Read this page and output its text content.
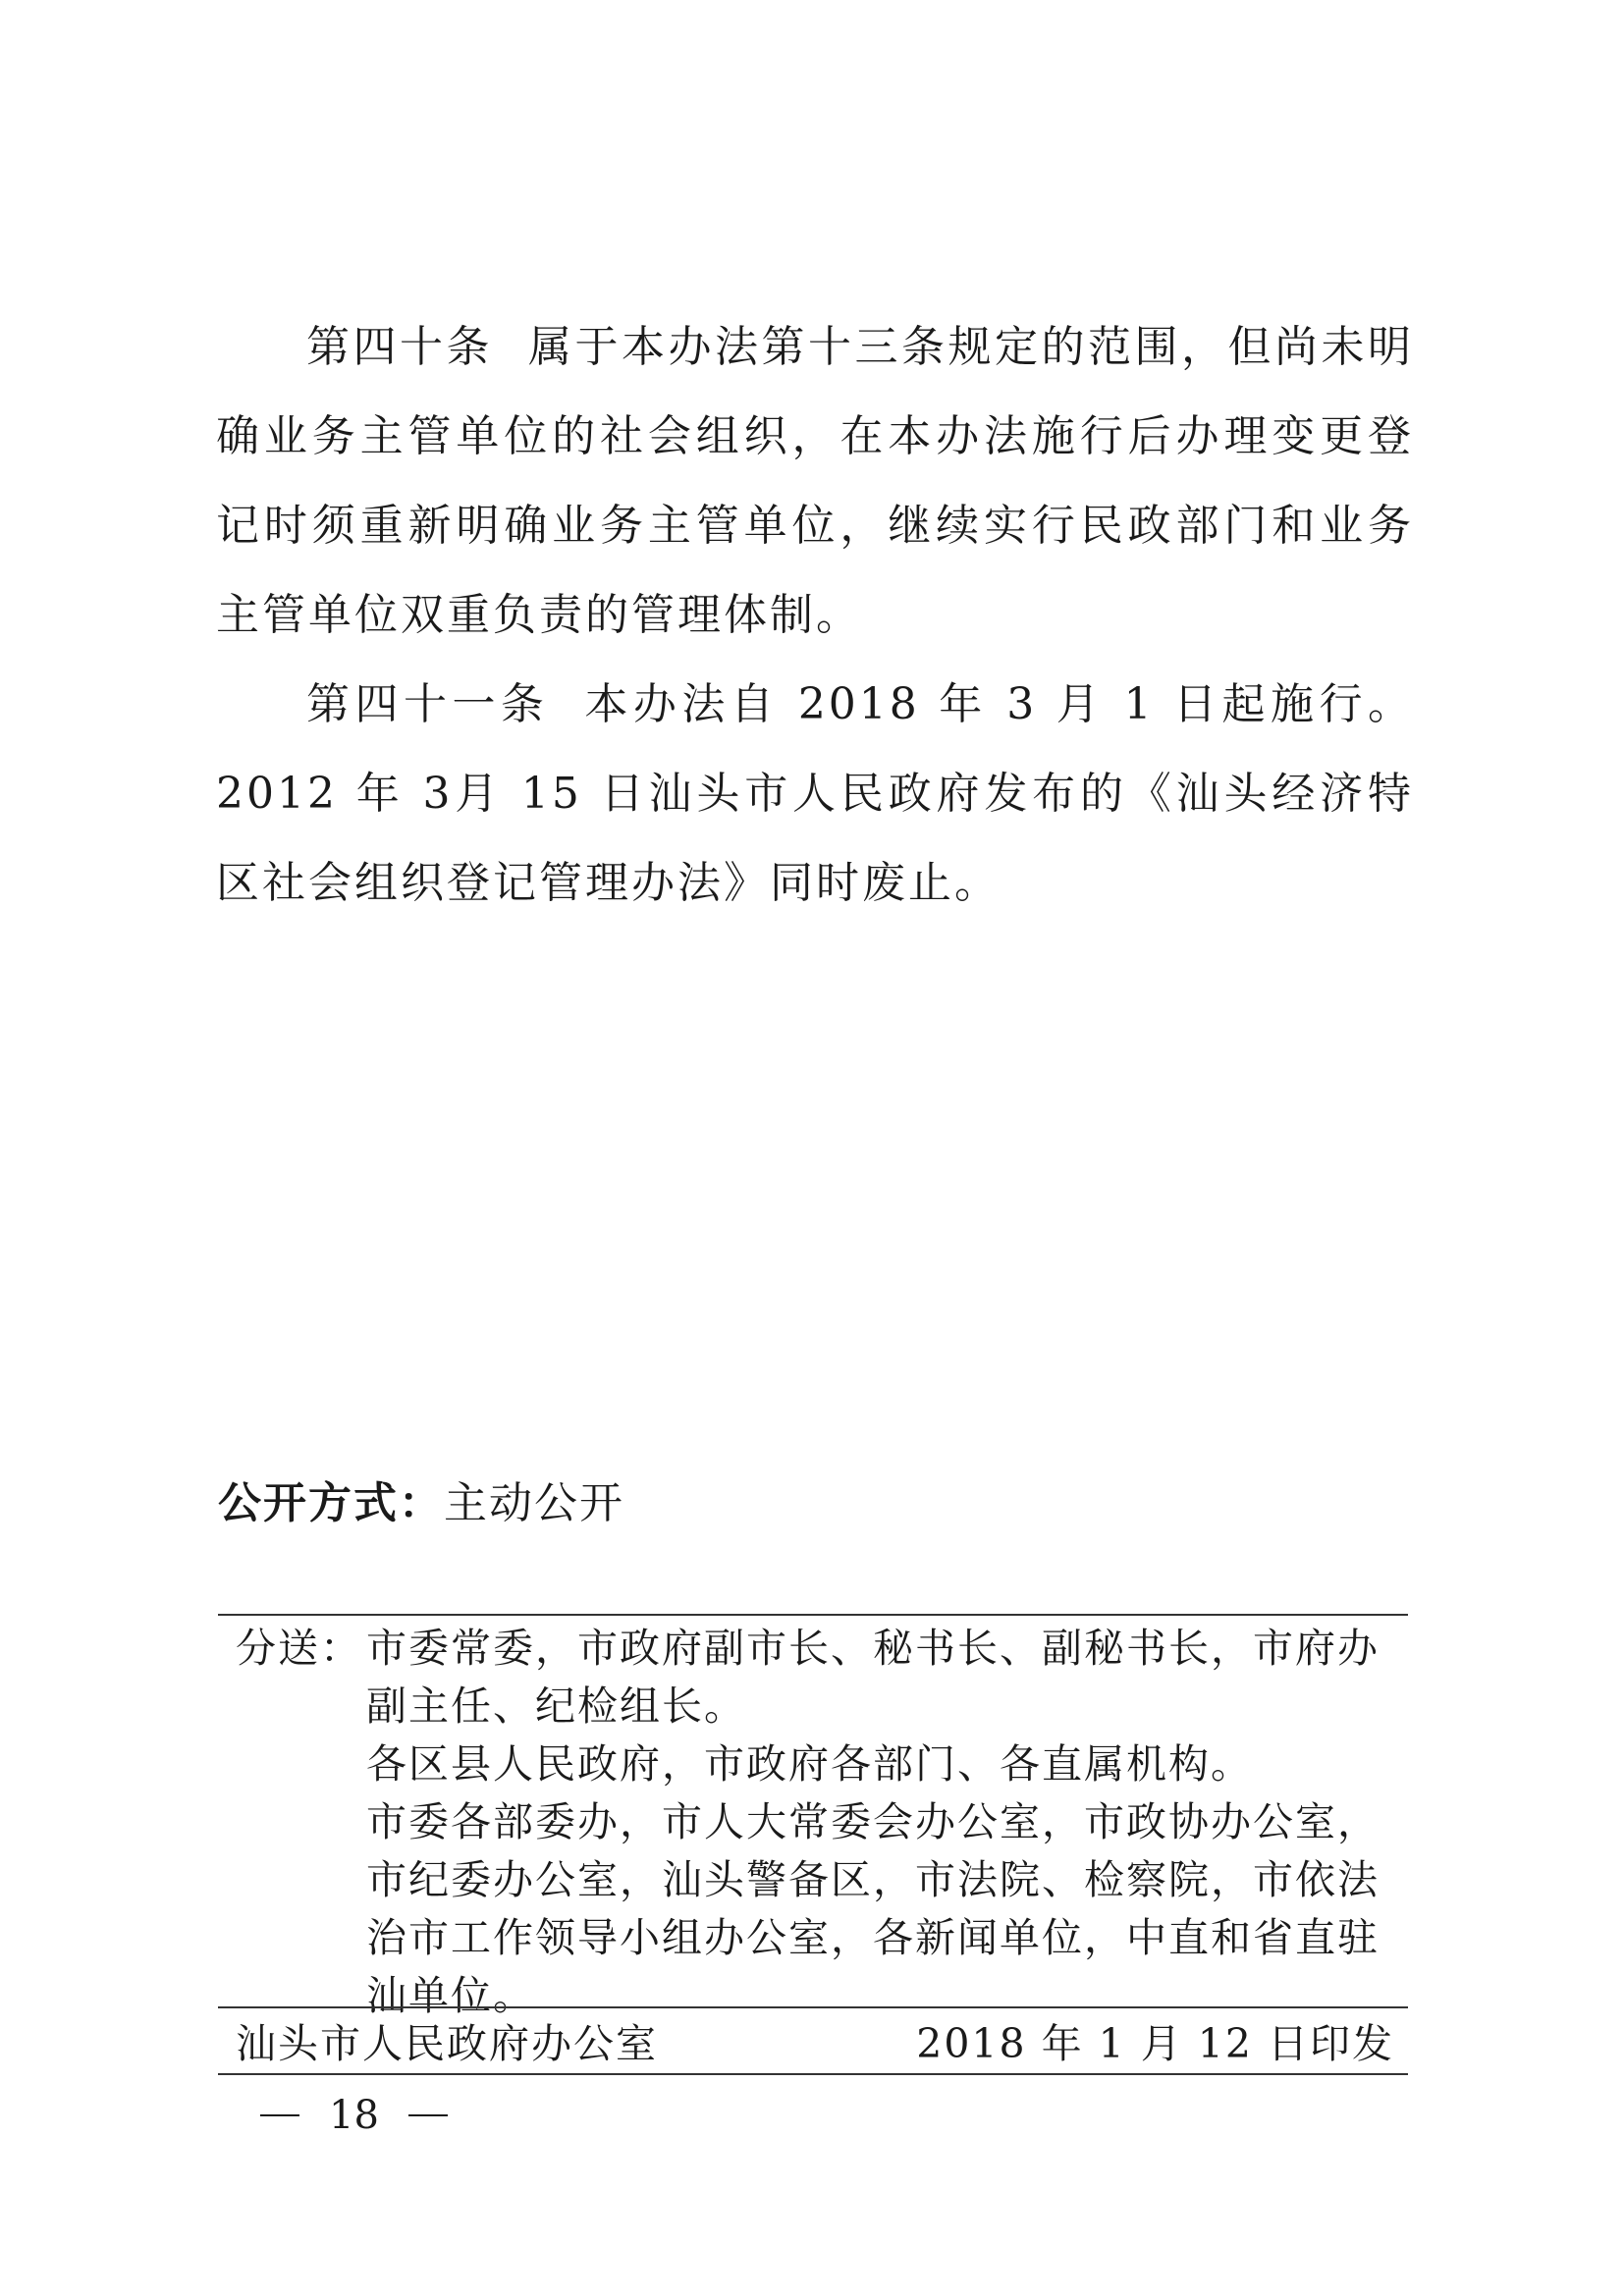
第四十条 属于本办法第十三条规定的范围，但尚未明确业务主管单位的社会组织，在本办法施行后办理变更登记时须重新明确业务主管单位，继续实行民政部门和业务主管单位双重负责的管理体制。

第四十一条 本办法自 2018 年 3 月 1 日起施行。2012 年 3月 15 日汕头市人民政府发布的《汕头经济特区社会组织登记管理办法》同时废止。

公开方式：主动公开
分送： 市委常委，市政府副市长、秘书长、副秘书长，市府办
副主任、纪检组长。
各区县人民政府，市政府各部门、各直属机构。
市委各部委办，市人大常委会办公室，市政协办公室，
市纪委办公室，汕头警备区，市法院、检察院，市依法
治市工作领导小组办公室，各新闻单位，中直和省直驻
汕单位。
汕头市人民政府办公室	2018 年 1 月 12 日印发
18
